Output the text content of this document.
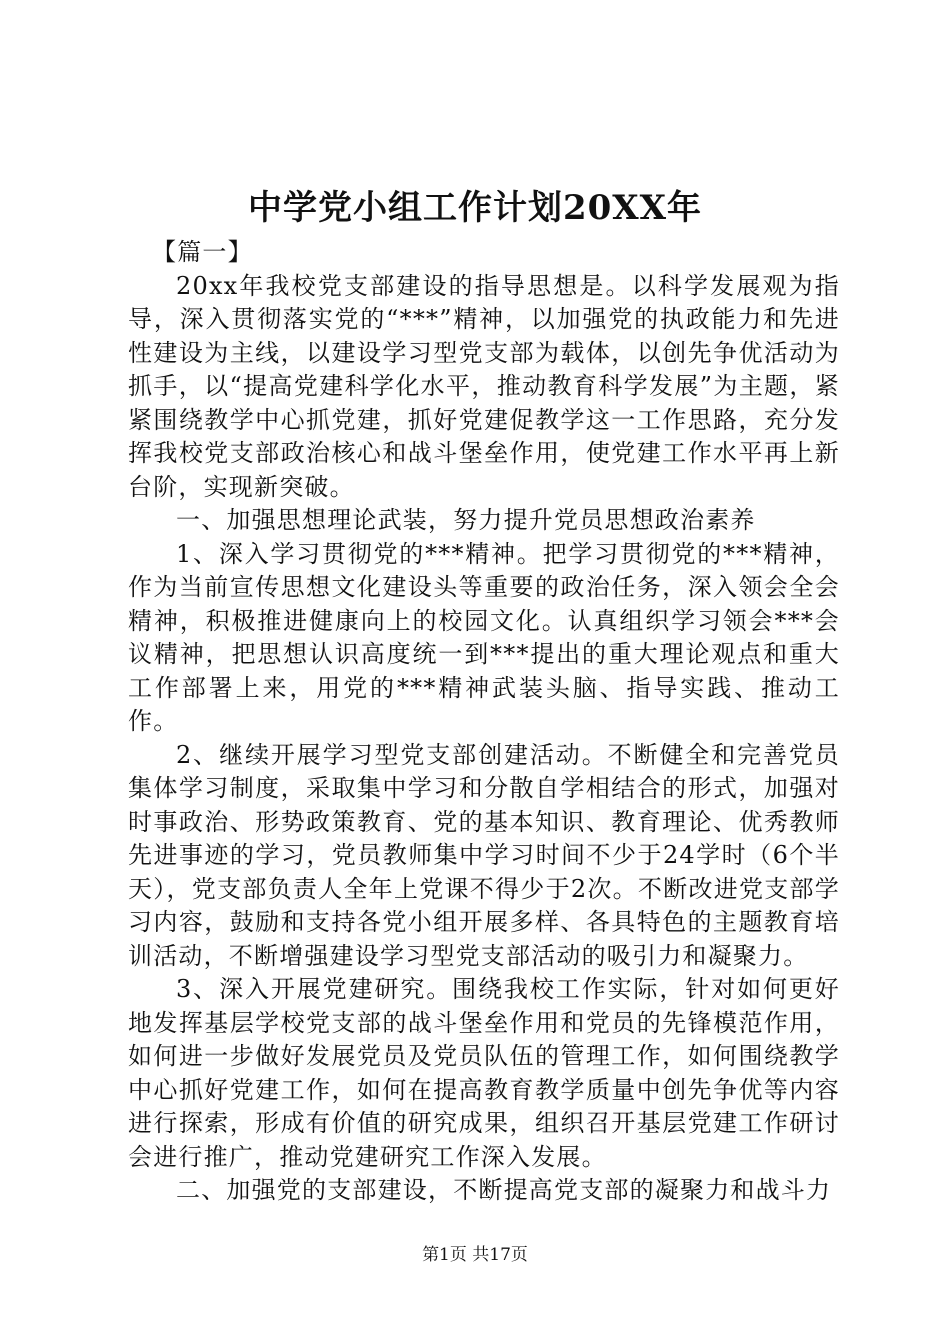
中学党小组工作计划20XX年

【篇一】

20xx年我校党支部建设的指导思想是。以科学发展观为指导，深入贯彻落实党的“***”精神，以加强党的执政能力和先进性建设为主线，以建设学习型党支部为载体，以创先争优活动为抓手，以“提高党建科学化水平，推动教育科学发展”为主题，紧紧围绕教学中心抓党建，抓好党建促教学这一工作思路，充分发挥我校党支部政治核心和战斗堡垒作用，使党建工作水平再上新台阶，实现新突破。

一、加强思想理论武装，努力提升党员思想政治素养

1、深入学习贯彻党的***精神。把学习贯彻党的***精神，作为当前宣传思想文化建设头等重要的政治任务，深入领会全会精神，积极推进健康向上的校园文化。认真组织学习领会***会议精神，把思想认识高度统一到***提出的重大理论观点和重大工作部署上来，用党的***精神武装头脑、指导实践、推动工作。

2、继续开展学习型党支部创建活动。不断健全和完善党员集体学习制度，采取集中学习和分散自学相结合的形式，加强对时事政治、形势政策教育、党的基本知识、教育理论、优秀教师先进事迹的学习，党员教师集中学习时间不少于24学时（6个半天），党支部负责人全年上党课不得少于2次。不断改进党支部学习内容，鼓励和支持各党小组开展多样、各具特色的主题教育培训活动，不断增强建设学习型党支部活动的吸引力和凝聚力。

3、深入开展党建研究。围绕我校工作实际，针对如何更好地发挥基层学校党支部的战斗堡垒作用和党员的先锋模范作用，如何进一步做好发展党员及党员队伍的管理工作，如何围绕教学中心抓好党建工作，如何在提高教育教学质量中创先争优等内容进行探索，形成有价值的研究成果，组织召开基层党建工作研讨会进行推广，推动党建研究工作深入发展。

二、加强党的支部建设，不断提高党支部的凝聚力和战斗力

第1页 共17页
